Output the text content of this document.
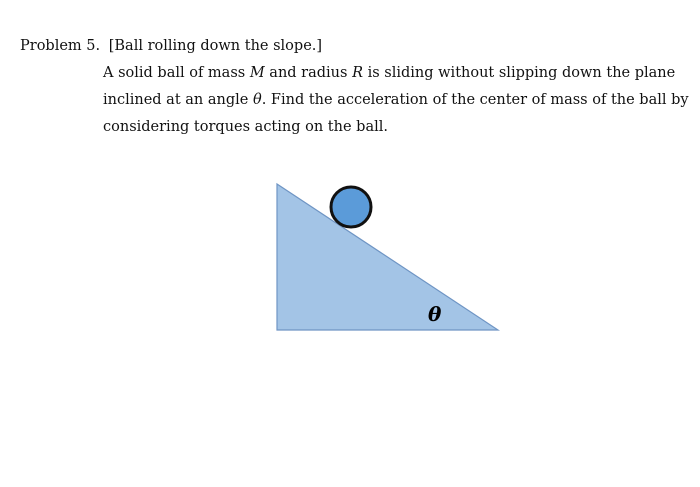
Problem 5. [Ball rolling down the slope.]
A solid ball of mass M and radius R is sliding without slipping down the plane
inclined at an angle θ. Find the acceleration of the center of mass of the ball by
considering torques acting on the ball.
θ
